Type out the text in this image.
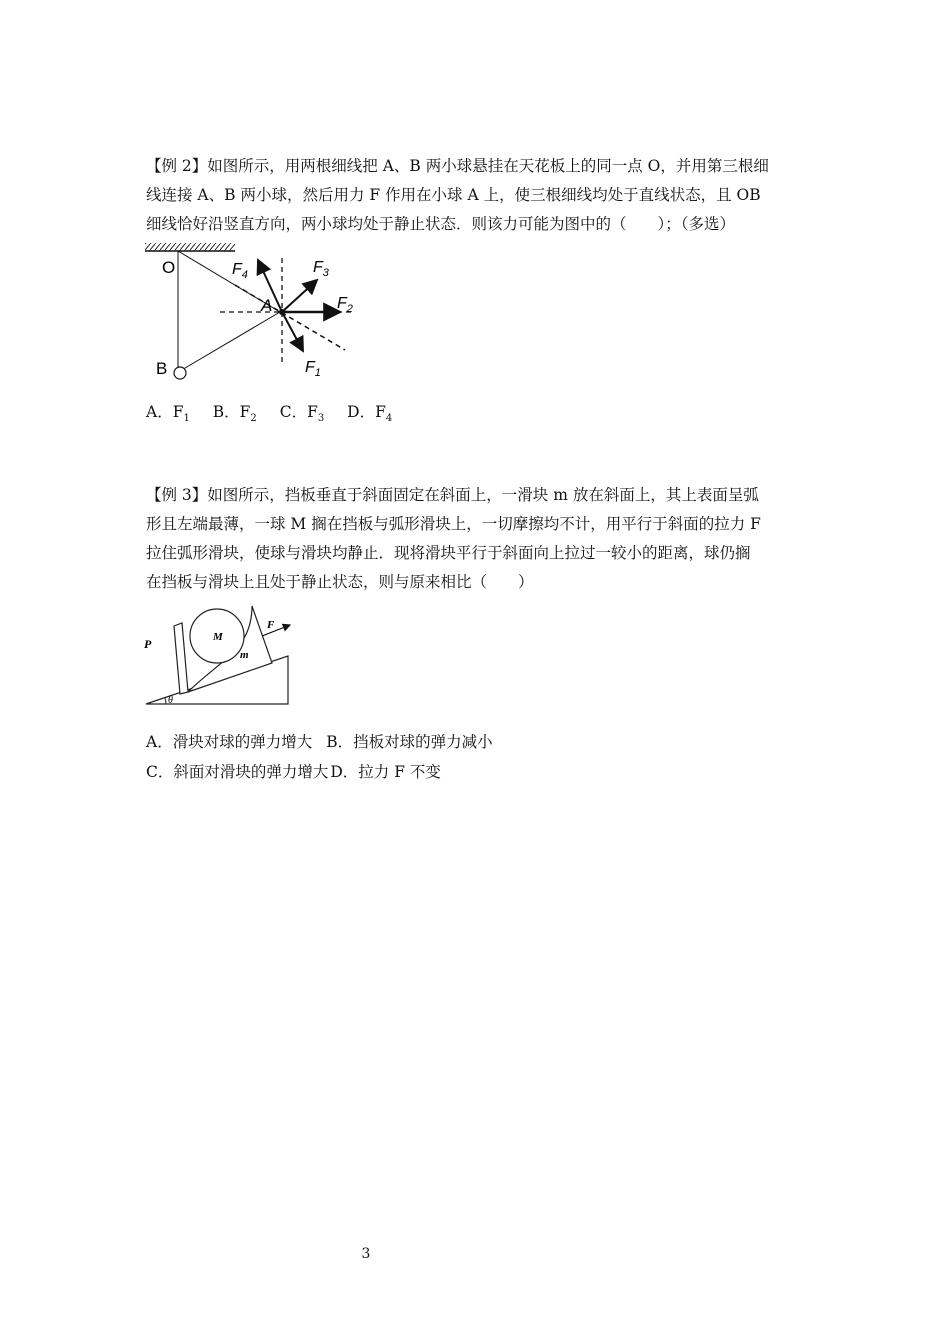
【例 2】如图所示，用两根细线把 A、B 两小球悬挂在天花板上的同一点 O，并用第三根细
线连接 A、B 两小球，然后用力 F 作用在小球 A 上，使三根细线均处于直线状态，且 OB
细线恰好沿竖直方向，两小球均处于静止状态．则该力可能为图中的（　　）；（多选）
O
B
A
$F_4$	$F_3$
$F_2$
$F_1$
A．$F_1$ B．$F_2$ C．$F_3$ D．$F_4$
【例 3】如图所示，挡板垂直于斜面固定在斜面上，一滑块 m 放在斜面上，其上表面呈弧
形且左端最薄，一球 M 搁在挡板与弧形滑块上，一切摩擦均不计，用平行于斜面的拉力 F
拉住弧形滑块，使球与滑块均静止．现将滑块平行于斜面向上拉过一较小的距离，球仍搁
在挡板与滑块上且处于静止状态，则与原来相比（　　）
P	M
m
F
θ
A．滑块对球的弹力增大 B．挡板对球的弹力减小
C．斜面对滑块的弹力增大 D．拉力 F 不变
3
